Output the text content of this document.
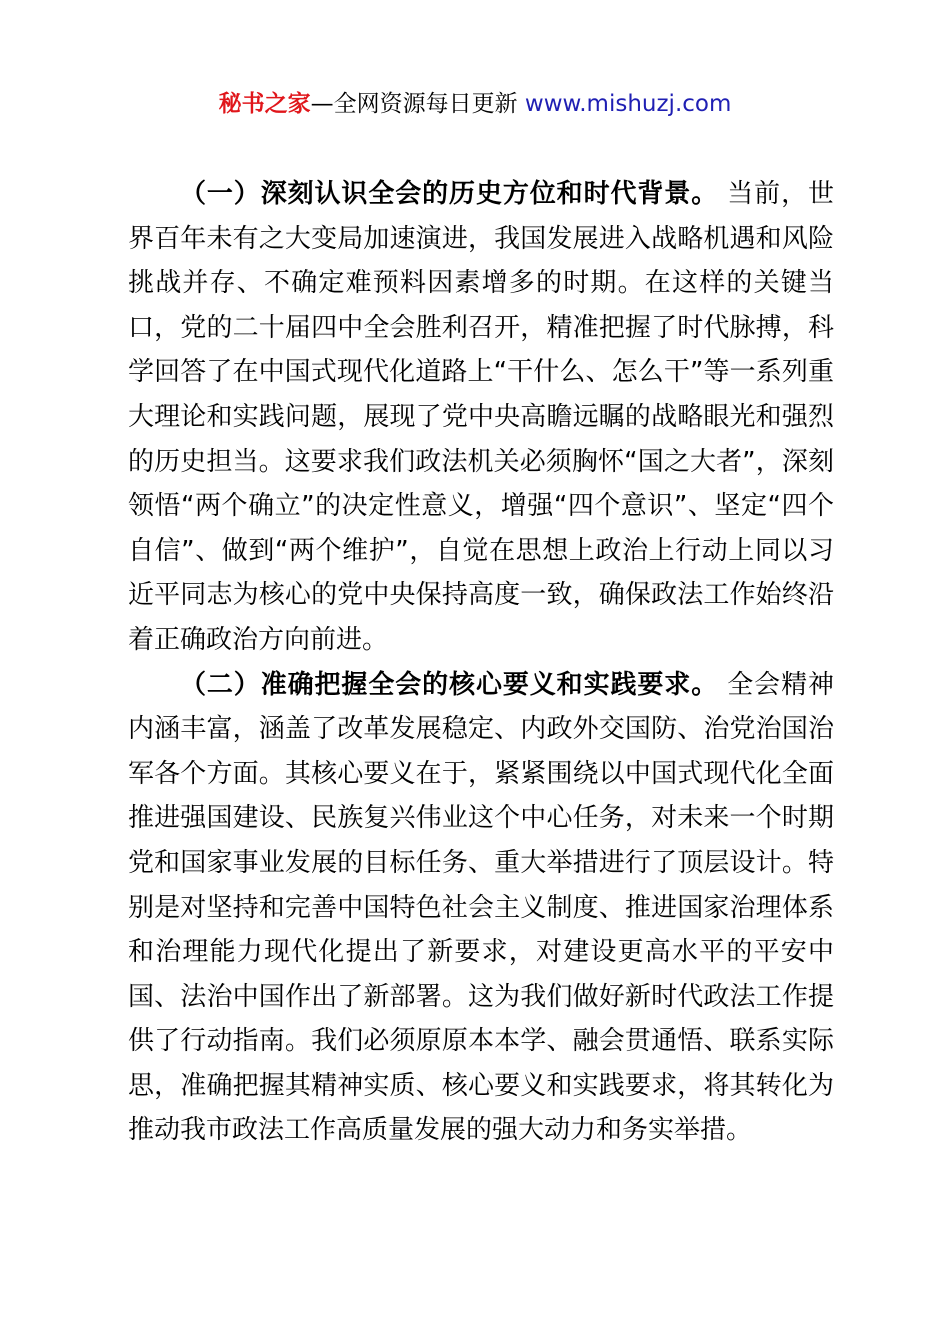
秘书之家—全网资源每日更新 www.mishuzj.com

（一）深刻认识全会的历史方位和时代背景。 当前，世界百年未有之大变局加速演进，我国发展进入战略机遇和风险挑战并存、不确定难预料因素增多的时期。在这样的关键当口，党的二十届四中全会胜利召开，精准把握了时代脉搏，科学回答了在中国式现代化道路上“干什么、怎么干”等一系列重大理论和实践问题，展现了党中央高瞻远瞩的战略眼光和强烈的历史担当。这要求我们政法机关必须胸怀“国之大者”，深刻领悟“两个确立”的决定性意义，增强“四个意识”、坚定“四个自信”、做到“两个维护”，自觉在思想上政治上行动上同以习近平同志为核心的党中央保持高度一致，确保政法工作始终沿着正确政治方向前进。

（二）准确把握全会的核心要义和实践要求。 全会精神内涵丰富，涵盖了改革发展稳定、内政外交国防、治党治国治军各个方面。其核心要义在于，紧紧围绕以中国式现代化全面推进强国建设、民族复兴伟业这个中心任务，对未来一个时期党和国家事业发展的目标任务、重大举措进行了顶层设计。特别是对坚持和完善中国特色社会主义制度、推进国家治理体系和治理能力现代化提出了新要求，对建设更高水平的平安中国、法治中国作出了新部署。这为我们做好新时代政法工作提供了行动指南。我们必须原原本本学、融会贯通悟、联系实际思，准确把握其精神实质、核心要义和实践要求，将其转化为推动我市政法工作高质量发展的强大动力和务实举措。
